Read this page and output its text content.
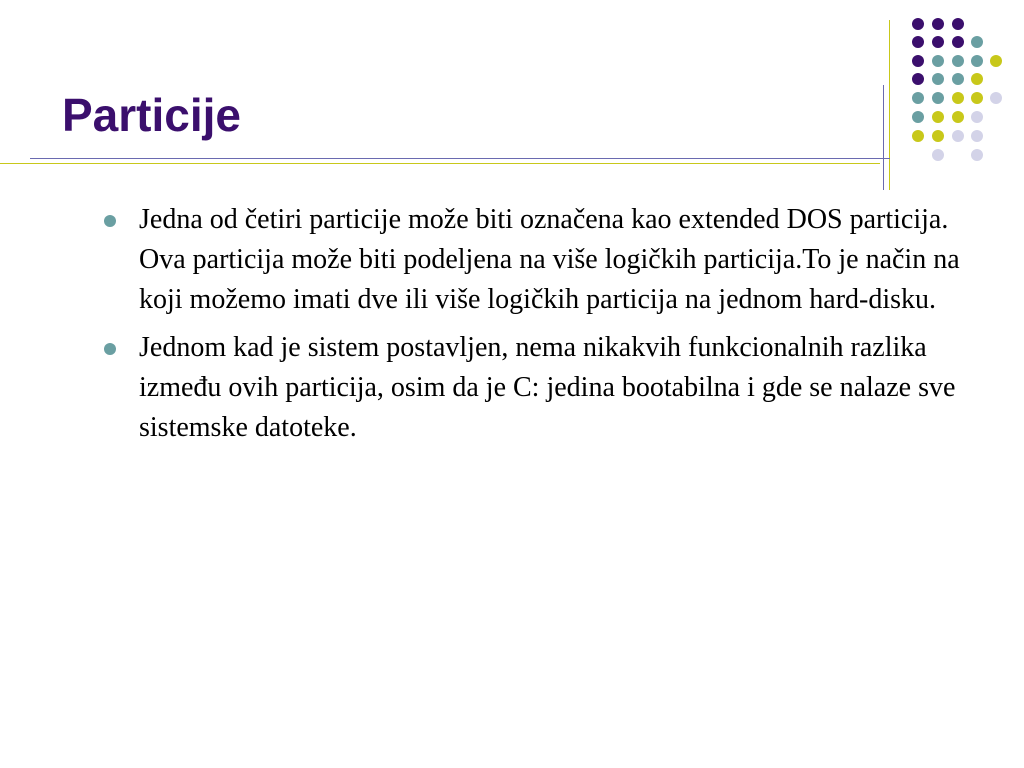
Particije
Jedna od četiri particije može biti označena kao extended DOS particija. Ova particija može biti podeljena na više logičkih particija.To je način na koji možemo imati dve ili više logičkih particija na jednom hard-disku.
Jednom kad je sistem postavljen, nema nikakvih funkcionalnih razlika između ovih particija, osim da je C: jedina bootabilna i gde se nalaze sve sistemske datoteke.
